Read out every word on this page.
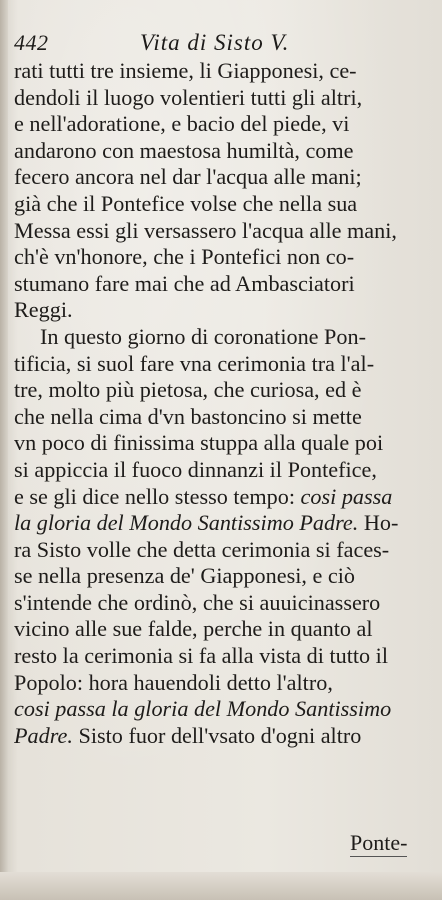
442	Vita di Sisto V.
rati tutti tre insieme, li Giapponesi, ce-
dendoli il luogo volentieri tutti gli altri,
e nell'adoratione, e bacio del piede, vi
andarono con maestosa humiltà, come
fecero ancora nel dar l'acqua alle mani;
già che il Pontefice volse che nella sua
Messa essi gli versassero l'acqua alle mani,
ch'è vn'honore, che i Pontefici non co-
stumano fare mai che ad Ambasciatori
Reggi.
In questo giorno di coronatione Pon-
tificia, si suol fare vna cerimonia tra l'al-
tre, molto più pietosa, che curiosa, ed è
che nella cima d'vn bastoncino si mette
vn poco di finissima stuppa alla quale poi
si appiccia il fuoco dinnanzi il Pontefice,
e se gli dice nello stesso tempo: cosi passa
la gloria del Mondo Santissimo Padre. Ho-
ra Sisto volle che detta cerimonia si faces-
se nella presenza de' Giapponesi, e ciò
s'intende che ordinò, che si auuicinassero
vicino alle sue falde, perche in quanto al
resto la cerimonia si fa alla vista di tutto il
Popolo: hora hauendoli detto l'altro,
cosi passa la gloria del Mondo Santissimo
Padre. Sisto fuor dell'vsato d'ogni altro
Ponte-
